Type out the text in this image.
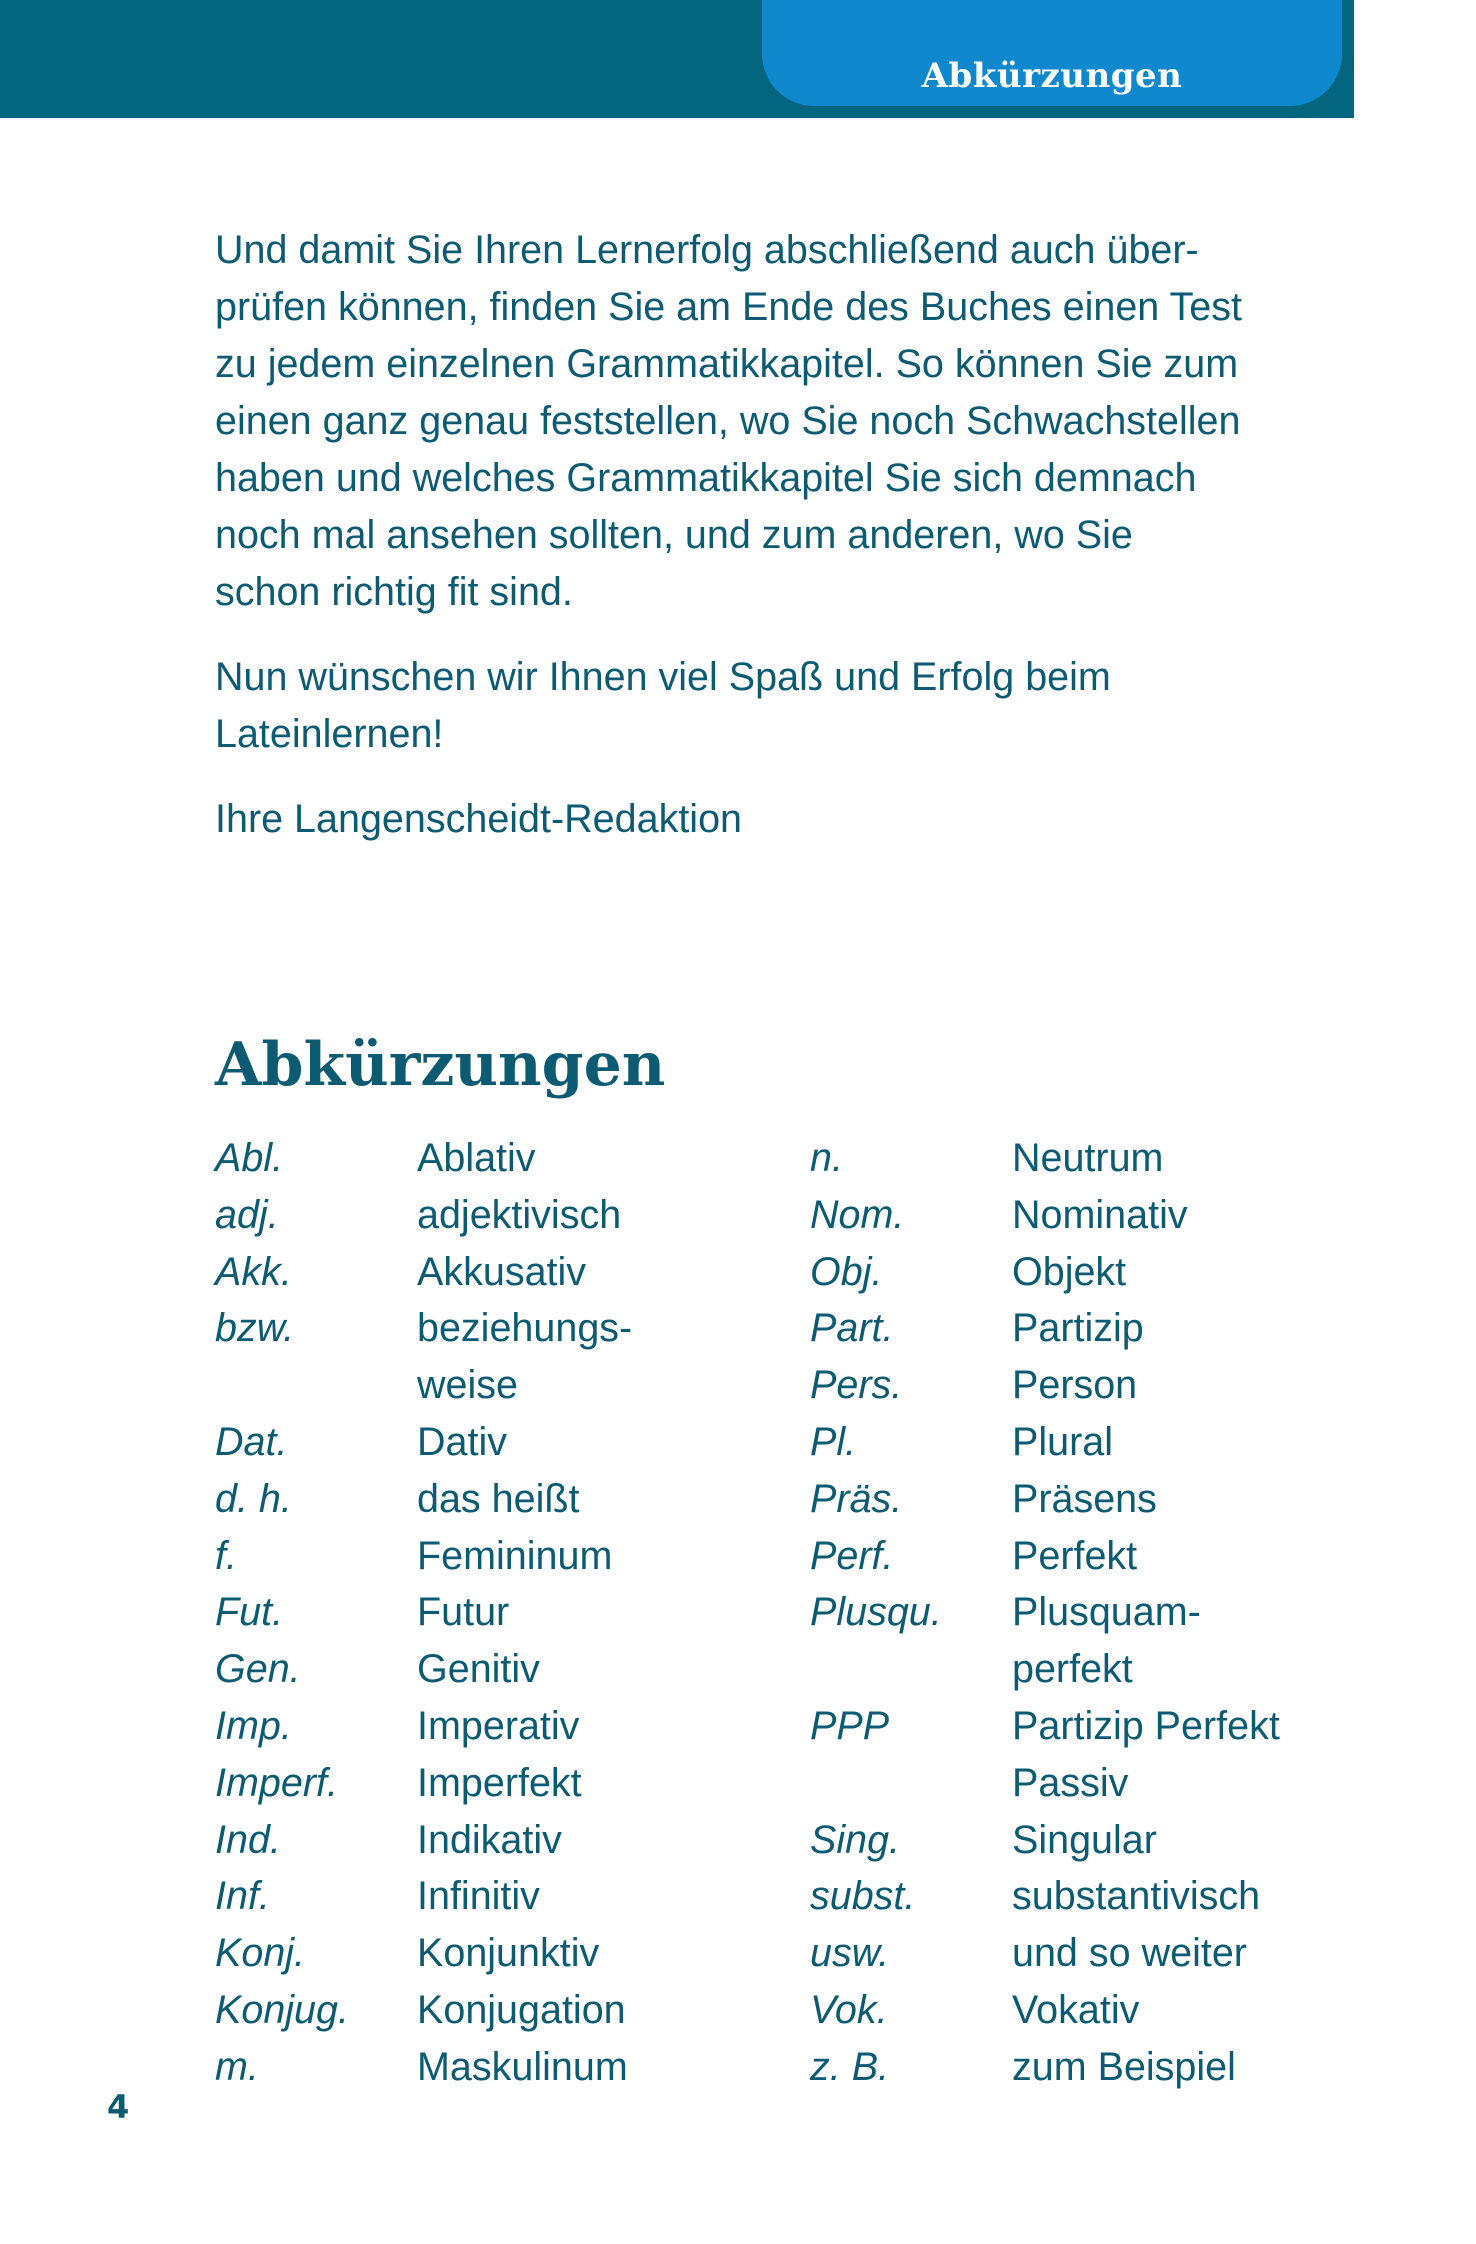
Abkürzungen

Und damit Sie Ihren Lernerfolg abschließend auch über-
prüfen können, finden Sie am Ende des Buches einen Test
zu jedem einzelnen Grammatikkapitel. So können Sie zum
einen ganz genau feststellen, wo Sie noch Schwachstellen
haben und welches Grammatikkapitel Sie sich demnach
noch mal ansehen sollten, und zum anderen, wo Sie
schon richtig fit sind.

Nun wünschen wir Ihnen viel Spaß und Erfolg beim
Lateinlernen!

Ihre Langenscheidt-Redaktion

Abkürzungen
Abl.	Ablativ
adj.	adjektivisch
Akk.	Akkusativ
bzw.	beziehungs-
weise
Dat.	Dativ
d. h.	das heißt
f.	Femininum
Fut.	Futur
Gen.	Genitiv
Imp.	Imperativ
Imperf.	Imperfekt
Ind.	Indikativ
Inf.	Infinitiv
Konj.	Konjunktiv
Konjug.	Konjugation
m.	Maskulinum
n.	Neutrum
Nom.	Nominativ
Obj.	Objekt
Part.	Partizip
Pers.	Person
Pl.	Plural
Präs.	Präsens
Perf.	Perfekt
Plusqu.	Plusquam-
perfekt
PPP	Partizip Perfekt
Passiv
Sing.	Singular
subst.	substantivisch
usw.	und so weiter
Vok.	Vokativ
z. B.	zum Beispiel
4
